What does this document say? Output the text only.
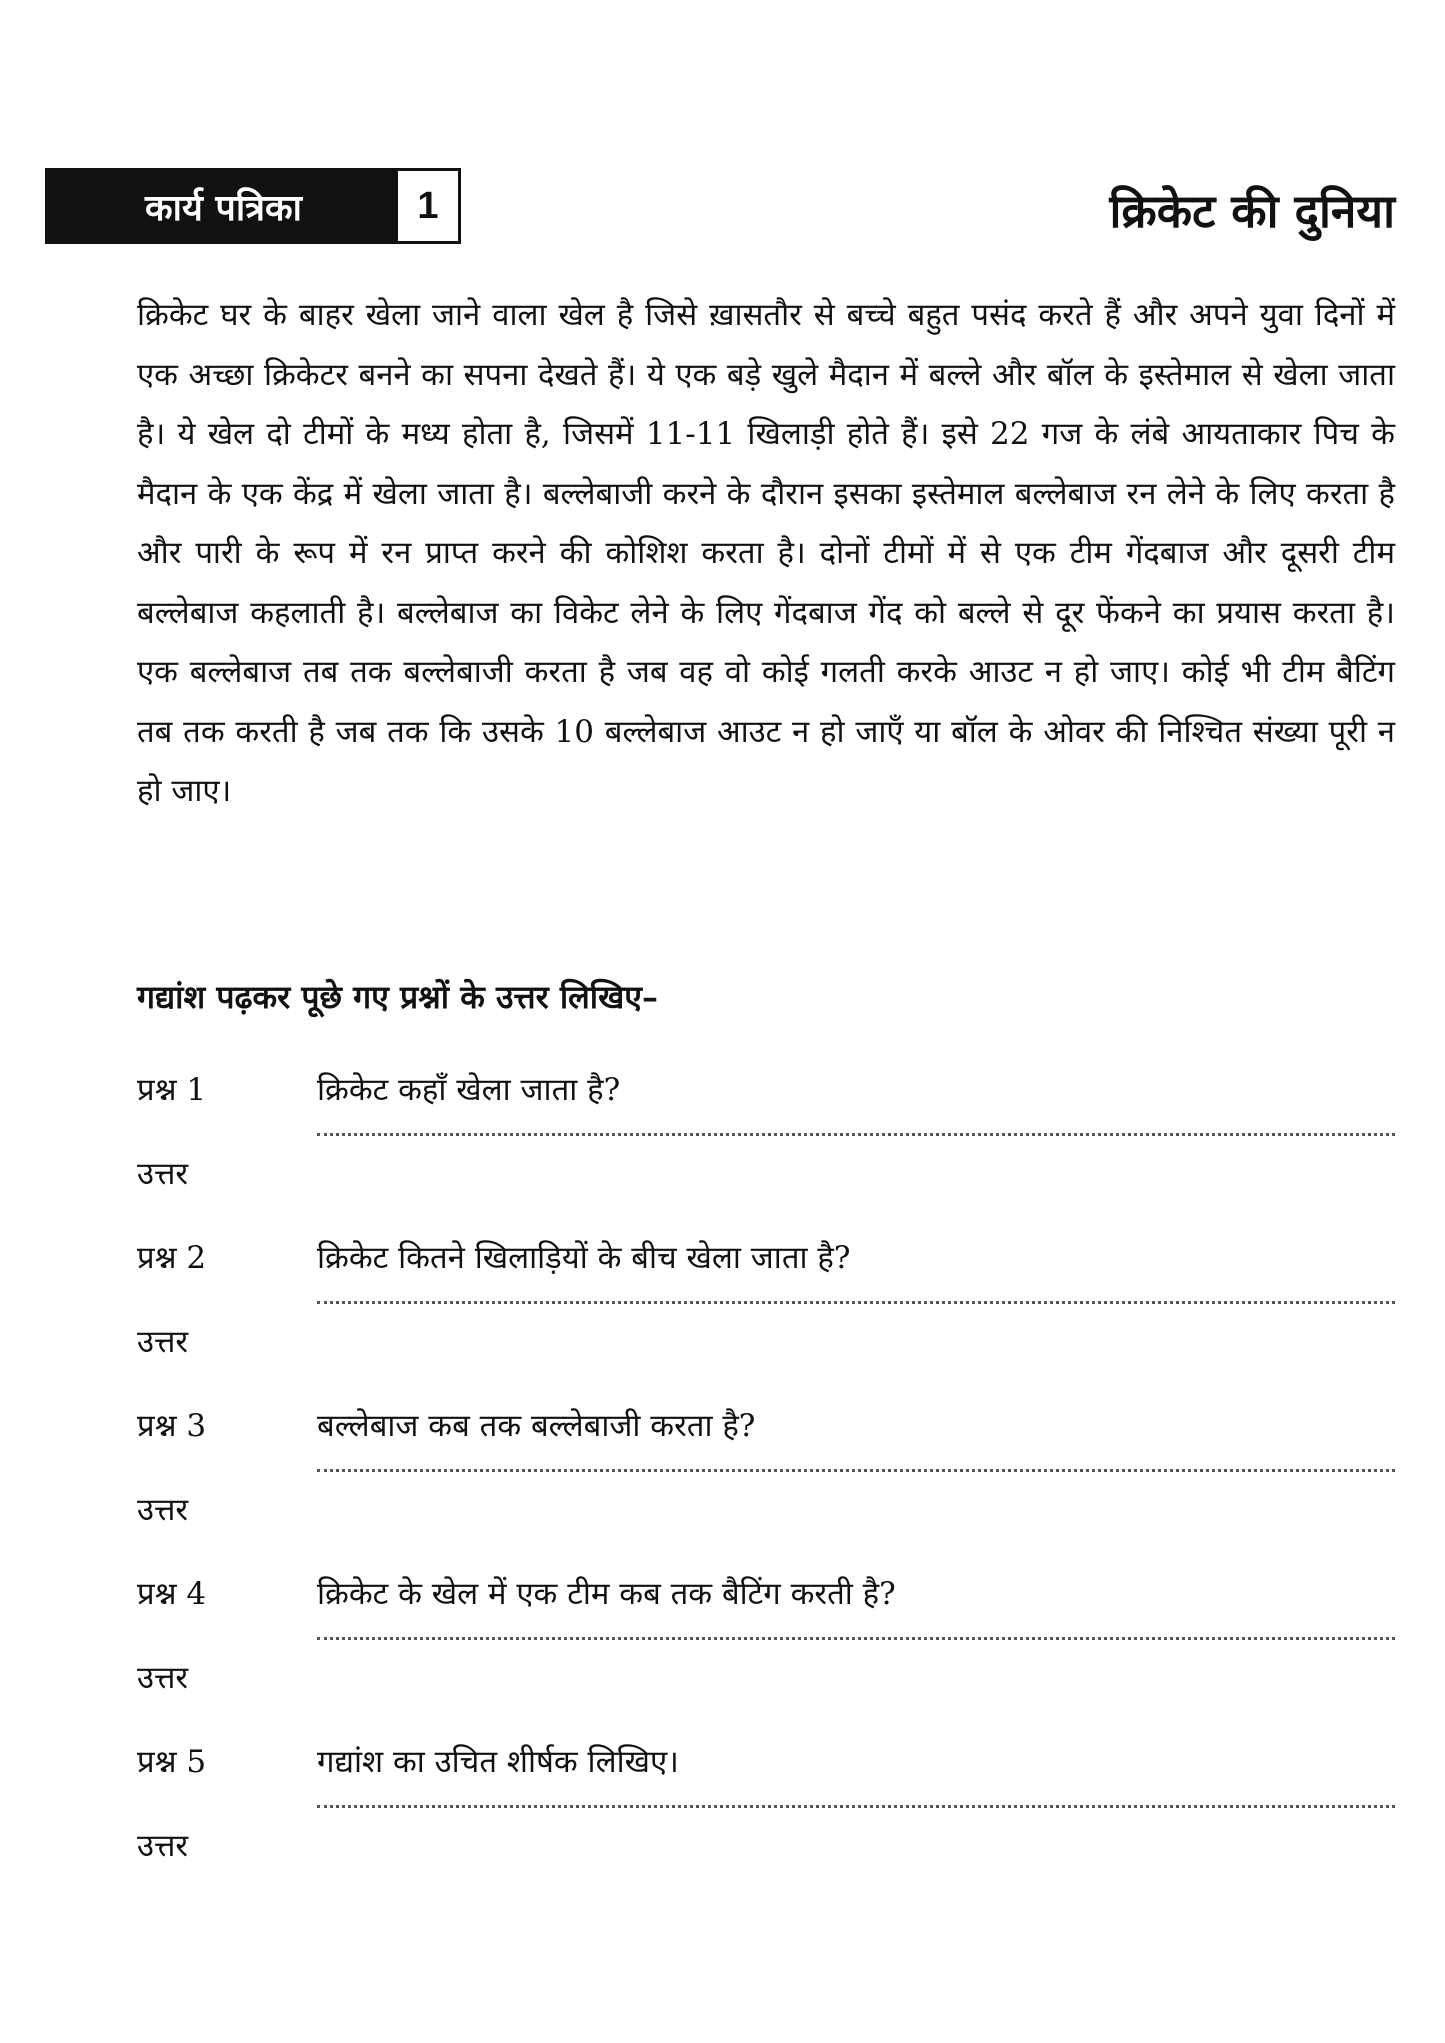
कार्य पत्रिका	1	क्रिकेट की दुनिया

क्रिकेट घर के बाहर खेला जाने वाला खेल है जिसे ख़ासतौर से बच्चे बहुत पसंद करते हैं और अपने युवा दिनों में एक अच्छा क्रिकेटर बनने का सपना देखते हैं। ये एक बड़े खुले मैदान में बल्ले और बॉल के इस्तेमाल से खेला जाता है। ये खेल दो टीमों के मध्य होता है, जिसमें 11-11 खिलाड़ी होते हैं। इसे 22 गज के लंबे आयताकार पिच के मैदान के एक केंद्र में खेला जाता है। बल्लेबाजी करने के दौरान इसका इस्तेमाल बल्लेबाज रन लेने के लिए करता है और पारी के रूप में रन प्राप्त करने की कोशिश करता है। दोनों टीमों में से एक टीम गेंदबाज और दूसरी टीम बल्लेबाज कहलाती है। बल्लेबाज का विकेट लेने के लिए गेंदबाज गेंद को बल्ले से दूर फेंकने का प्रयास करता है। एक बल्लेबाज तब तक बल्लेबाजी करता है जब वह वो कोई गलती करके आउट न हो जाए। कोई भी टीम बैटिंग तब तक करती है जब तक कि उसके 10 बल्लेबाज आउट न हो जाएँ या बॉल के ओवर की निश्चित संख्या पूरी न हो जाए।

गद्यांश पढ़कर पूछे गए प्रश्नों के उत्तर लिखिए–

प्रश्न 1	क्रिकेट कहाँ खेला जाता है?
उत्तर
प्रश्न 2	क्रिकेट कितने खिलाड़ियों के बीच खेला जाता है?
उत्तर
प्रश्न 3	बल्लेबाज कब तक बल्लेबाजी करता है?
उत्तर
प्रश्न 4	क्रिकेट के खेल में एक टीम कब तक बैटिंग करती है?
उत्तर
प्रश्न 5	गद्यांश का उचित शीर्षक लिखिए।
उत्तर
